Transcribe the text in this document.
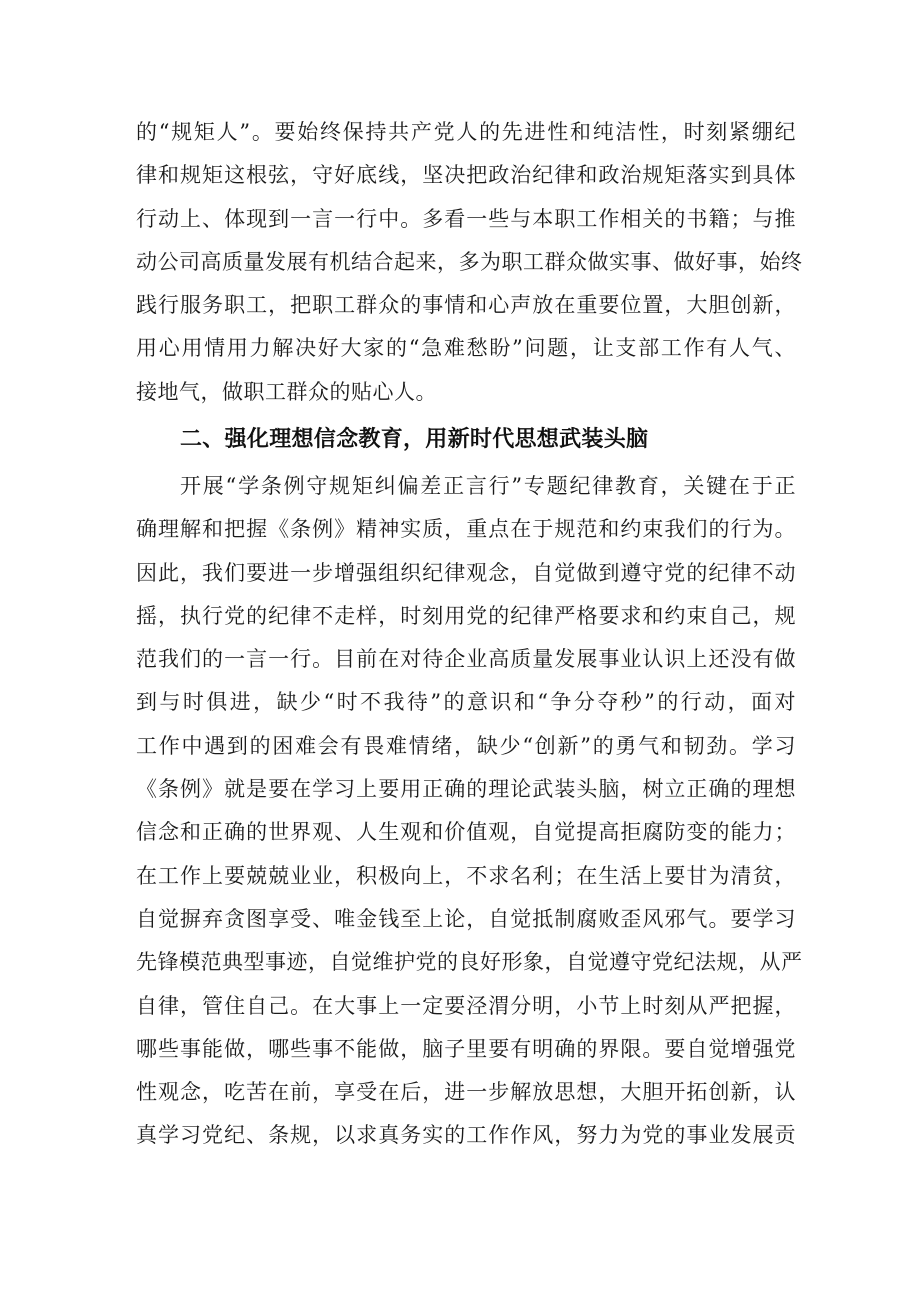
的“规矩人”。要始终保持共产党人的先进性和纯洁性，时刻紧绷纪
律和规矩这根弦，守好底线，坚决把政治纪律和政治规矩落实到具体
行动上、体现到一言一行中。多看一些与本职工作相关的书籍；与推
动公司高质量发展有机结合起来，多为职工群众做实事、做好事，始终
践行服务职工，把职工群众的事情和心声放在重要位置，大胆创新，
用心用情用力解决好大家的“急难愁盼”问题，让支部工作有人气、
接地气，做职工群众的贴心人。
二、强化理想信念教育，用新时代思想武装头脑
开展“学条例守规矩纠偏差正言行”专题纪律教育，关键在于正
确理解和把握《条例》精神实质，重点在于规范和约束我们的行为。
因此，我们要进一步增强组织纪律观念，自觉做到遵守党的纪律不动
摇，执行党的纪律不走样，时刻用党的纪律严格要求和约束自己，规
范我们的一言一行。目前在对待企业高质量发展事业认识上还没有做
到与时俱进，缺少“时不我待”的意识和“争分夺秒”的行动，面对
工作中遇到的困难会有畏难情绪，缺少“创新”的勇气和韧劲。学习
《条例》就是要在学习上要用正确的理论武装头脑，树立正确的理想
信念和正确的世界观、人生观和价值观，自觉提高拒腐防变的能力；
在工作上要兢兢业业，积极向上，不求名利；在生活上要甘为清贫，
自觉摒弃贪图享受、唯金钱至上论，自觉抵制腐败歪风邪气。要学习
先锋模范典型事迹，自觉维护党的良好形象，自觉遵守党纪法规，从严
自律，管住自己。在大事上一定要泾渭分明，小节上时刻从严把握，
哪些事能做，哪些事不能做，脑子里要有明确的界限。要自觉增强党
性观念，吃苦在前，享受在后，进一步解放思想，大胆开拓创新，认
真学习党纪、条规，以求真务实的工作作风，努力为党的事业发展贡
